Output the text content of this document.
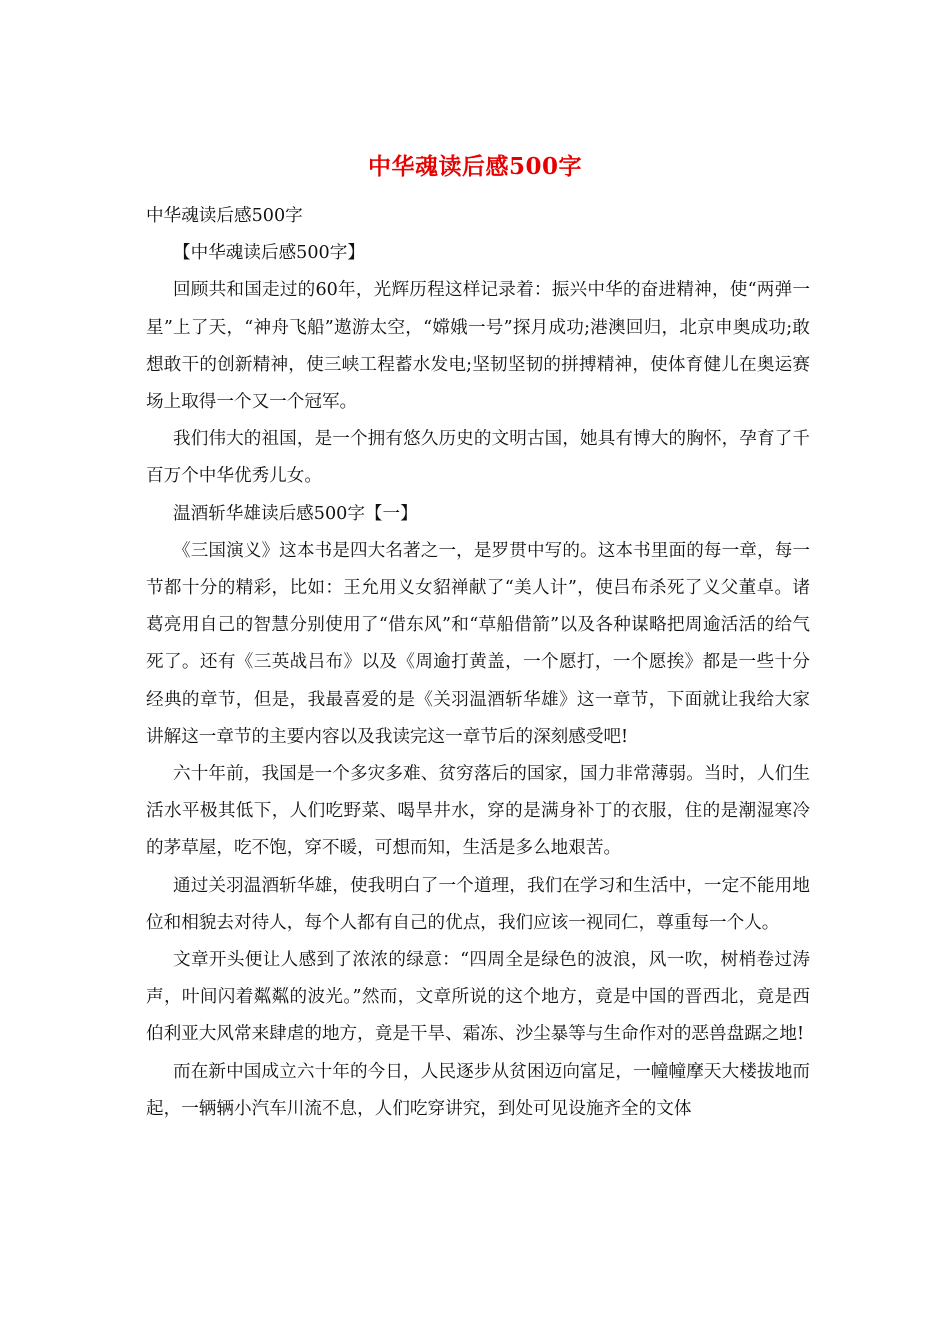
中华魂读后感500字

中华魂读后感500字

【中华魂读后感500字】

回顾共和国走过的60年，光辉历程这样记录着：振兴中华的奋进精神，使“两弹一星”上了天，“神舟飞船”遨游太空，“嫦娥一号”探月成功;港澳回归，北京申奥成功;敢想敢干的创新精神，使三峡工程蓄水发电;坚韧坚韧的拼搏精神，使体育健儿在奥运赛场上取得一个又一个冠军。

我们伟大的祖国，是一个拥有悠久历史的文明古国，她具有博大的胸怀，孕育了千百万个中华优秀儿女。

温酒斩华雄读后感500字【一】

《三国演义》这本书是四大名著之一，是罗贯中写的。这本书里面的每一章，每一节都十分的精彩，比如：王允用义女貂禅献了“美人计”，使吕布杀死了义父董卓。诸葛亮用自己的智慧分别使用了“借东风”和“草船借箭”以及各种谋略把周逾活活的给气死了。还有《三英战吕布》以及《周逾打黄盖，一个愿打，一个愿挨》都是一些十分经典的章节，但是，我最喜爱的是《关羽温酒斩华雄》这一章节，下面就让我给大家讲解这一章节的主要内容以及我读完这一章节后的深刻感受吧!

六十年前，我国是一个多灾多难、贫穷落后的国家，国力非常薄弱。当时，人们生活水平极其低下，人们吃野菜、喝旱井水，穿的是满身补丁的衣服，住的是潮湿寒冷的茅草屋，吃不饱，穿不暖，可想而知，生活是多么地艰苦。

通过关羽温酒斩华雄，使我明白了一个道理，我们在学习和生活中，一定不能用地位和相貌去对待人，每个人都有自己的优点，我们应该一视同仁，尊重每一个人。

文章开头便让人感到了浓浓的绿意：“四周全是绿色的波浪，风一吹，树梢卷过涛声，叶间闪着粼粼的波光。”然而，文章所说的这个地方，竟是中国的晋西北，竟是西伯利亚大风常来肆虐的地方，竟是干旱、霜冻、沙尘暴等与生命作对的恶兽盘踞之地!

而在新中国成立六十年的今日，人民逐步从贫困迈向富足，一幢幢摩天大楼拔地而起，一辆辆小汽车川流不息，人们吃穿讲究，到处可见设施齐全的文体
